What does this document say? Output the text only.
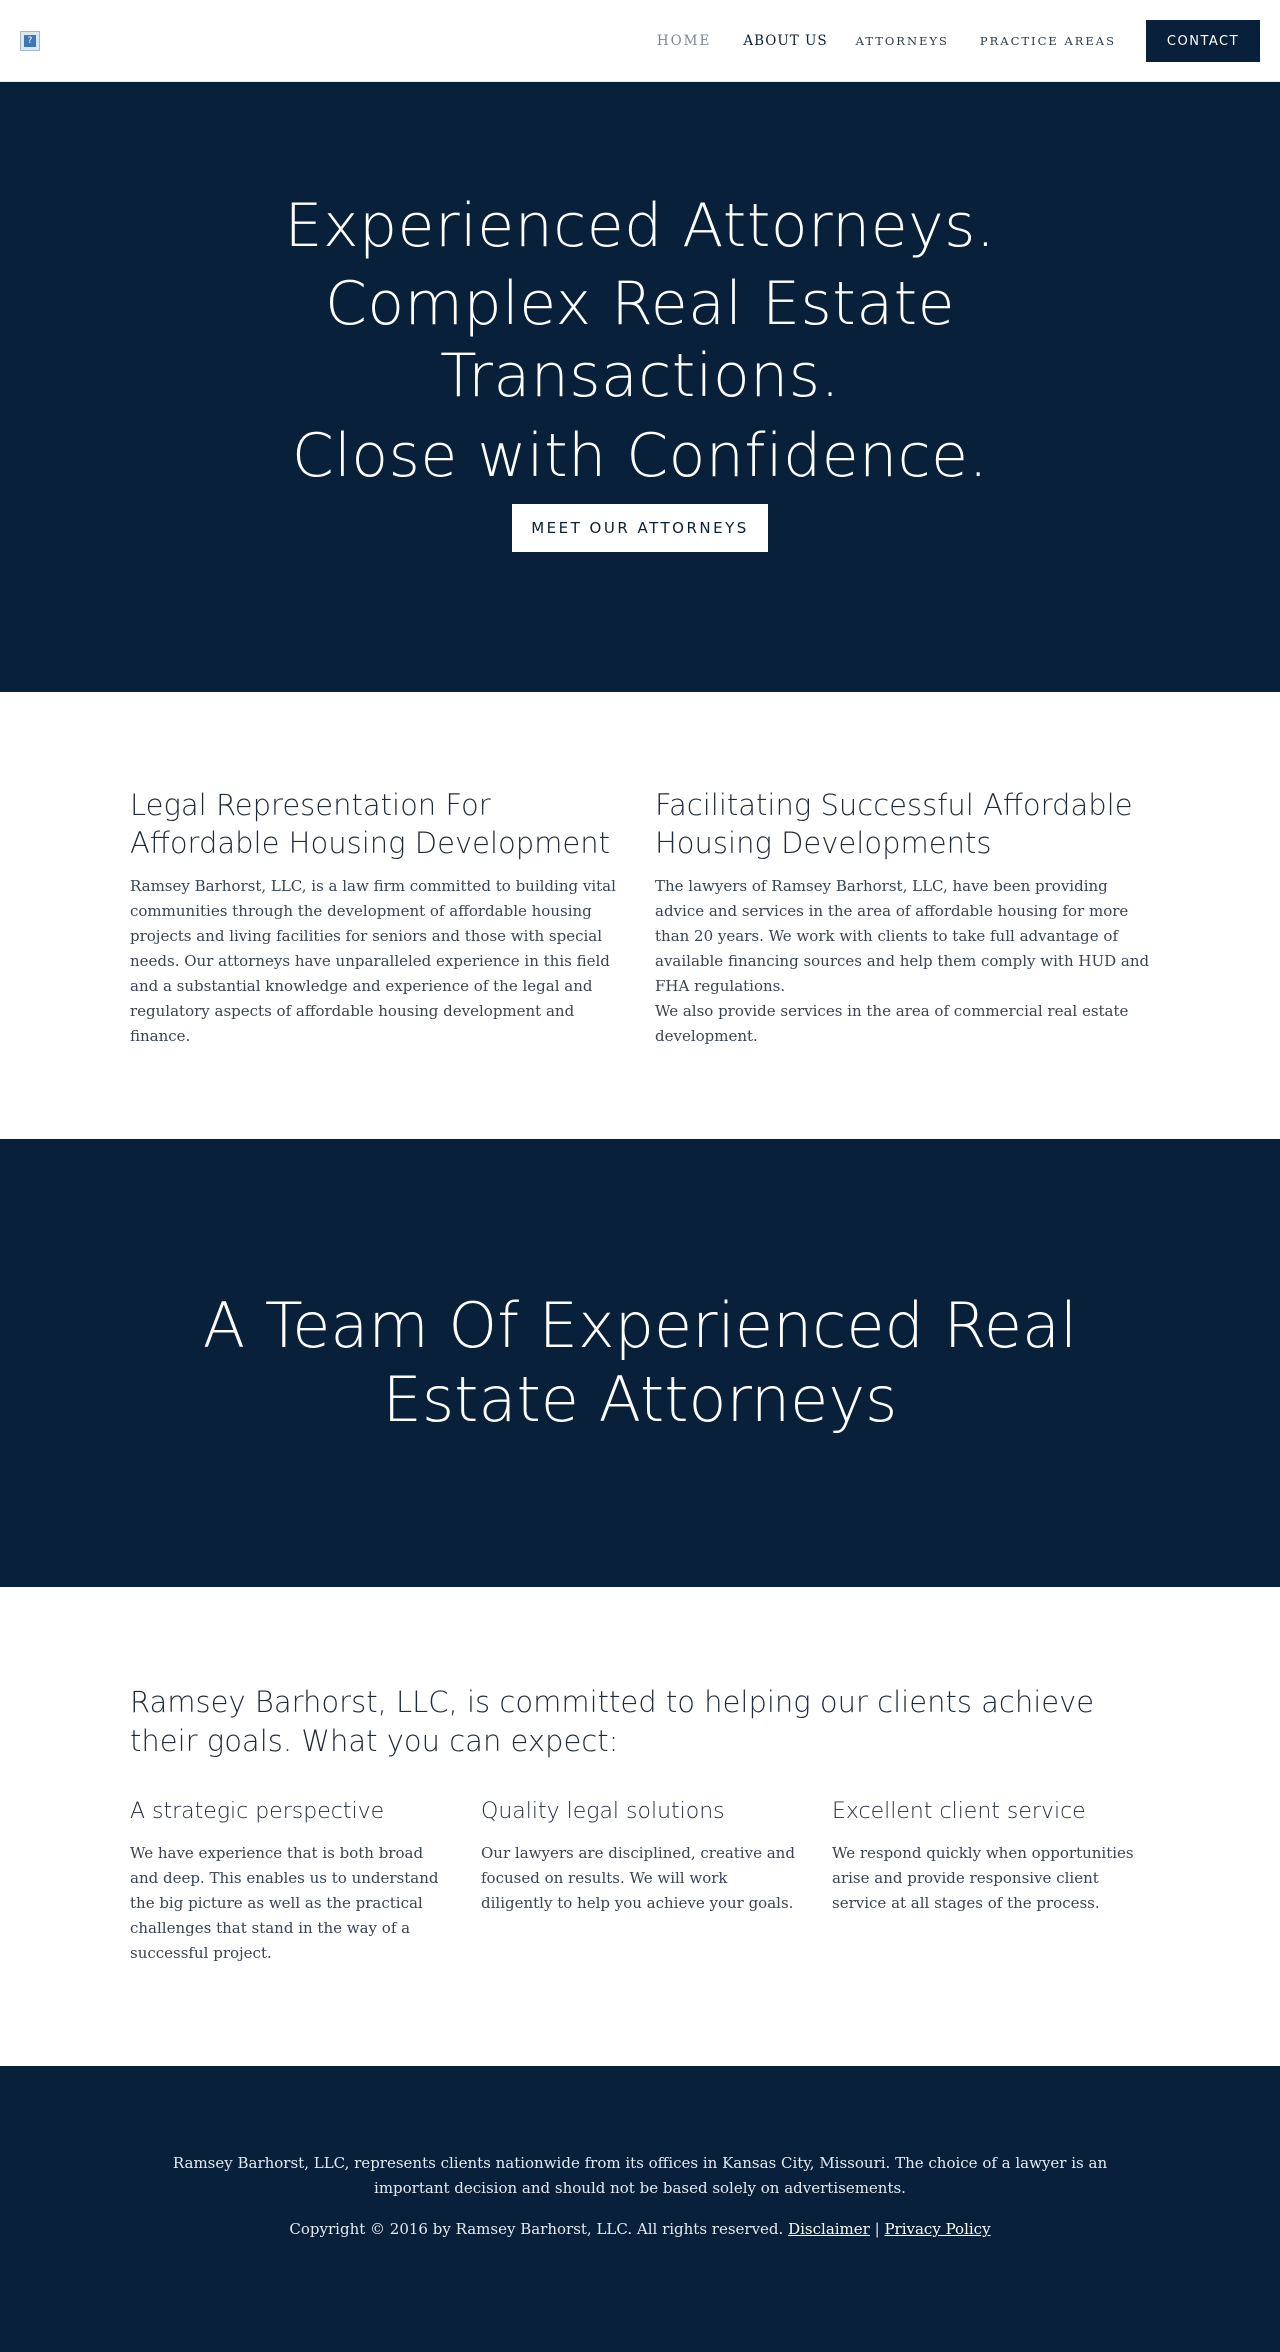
?	HOME ABOUT US ATTORNEYS	PRACTICE AREAS	CONTACT
Experienced Attorneys.
Complex Real Estate Transactions.
Close with Confidence.
MEET OUR ATTORNEYS
Legal Representation For Affordable Housing Development

Ramsey Barhorst, LLC, is a law firm committed to building vital communities through the development of affordable housing projects and living facilities for seniors and those with special needs. Our attorneys have unparalleled experience in this field and a substantial knowledge and experience of the legal and regulatory aspects of affordable housing development and finance.

Facilitating Successful Affordable Housing Developments

The lawyers of Ramsey Barhorst, LLC, have been providing advice and services in the area of affordable housing for more than 20 years. We work with clients to take full advantage of available financing sources and help them comply with HUD and FHA regulations.

We also provide services in the area of commercial real estate development.

A Team Of Experienced Real Estate Attorneys
Ramsey Barhorst, LLC, is committed to helping our clients achieve their goals. What you can expect:
A strategic perspective

We have experience that is both broad and deep. This enables us to understand the big picture as well as the practical challenges that stand in the way of a successful project.

Quality legal solutions

Our lawyers are disciplined, creative and focused on results. We will work diligently to help you achieve your goals.

Excellent client service

We respond quickly when opportunities arise and provide responsive client service at all stages of the process.

Ramsey Barhorst, LLC, represents clients nationwide from its offices in Kansas City, Missouri. The choice of a lawyer is an important decision and should not be based solely on advertisements.

Copyright © 2016 by Ramsey Barhorst, LLC. All rights reserved. Disclaimer | Privacy Policy
